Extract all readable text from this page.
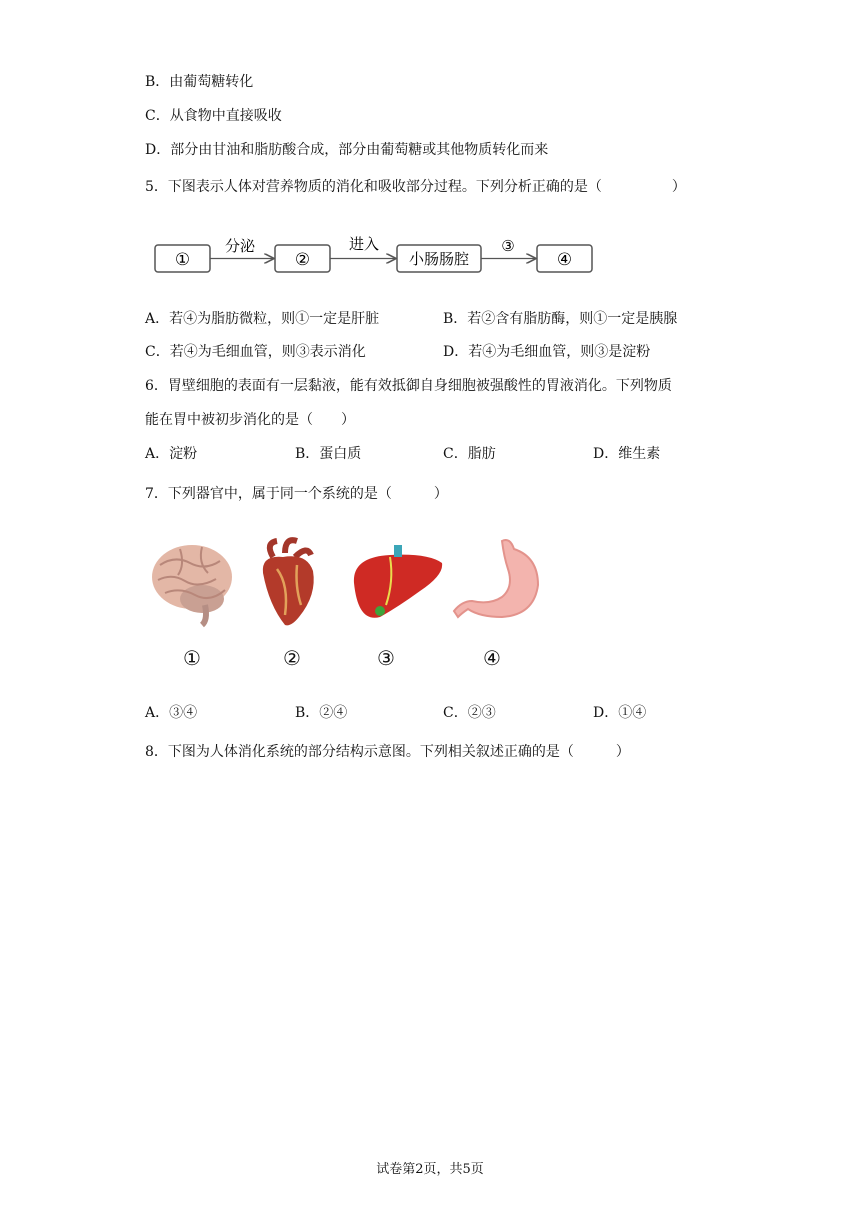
B．由葡萄糖转化
C．从食物中直接吸收
D．部分由甘油和脂肪酸合成，部分由葡萄糖或其他物质转化而来
5．下图表示人体对营养物质的消化和吸收部分过程。下列分析正确的是（　　　　　）
①
分泌
②
进入
小肠肠腔
③
④
A．若④为脂肪微粒，则①一定是肝脏	B．若②含有脂肪酶，则①一定是胰腺
C．若④为毛细血管，则③表示消化	D．若④为毛细血管，则③是淀粉
6．胃壁细胞的表面有一层黏液，能有效抵御自身细胞被强酸性的胃液消化。下列物质
能在胃中被初步消化的是（　　）
A．淀粉	B．蛋白质	C．脂肪	D．维生素
7．下列器官中，属于同一个系统的是（　　　）
①	②	③	④
A．③④	B．②④	C．②③	D．①④
8．下图为人体消化系统的部分结构示意图。下列相关叙述正确的是（　　　）
试卷第2页，共5页
